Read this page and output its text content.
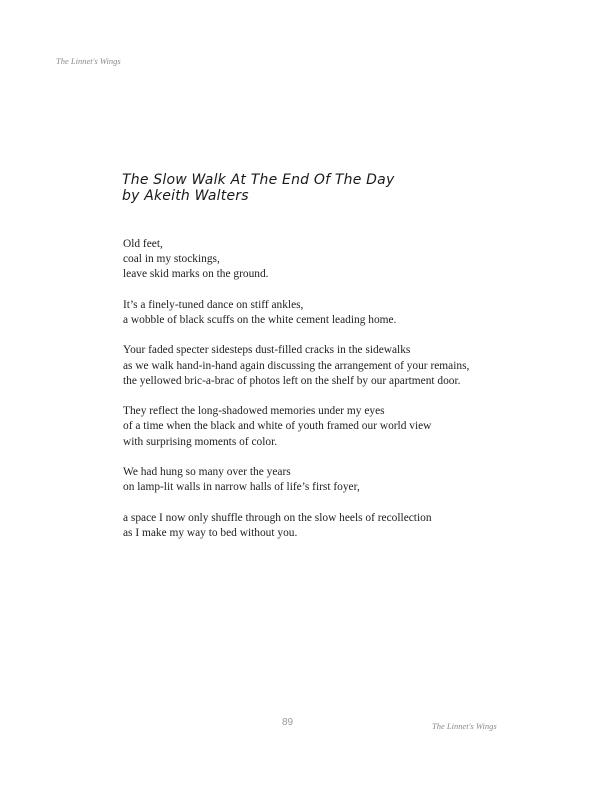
The Linnet's Wings
The Slow Walk At The End Of The Day
by Akeith Walters
Old feet,
coal in my stockings,
leave skid marks on the ground.
It’s a finely-tuned dance on stiff ankles,
a wobble of black scuffs on the white cement leading home.
Your faded specter sidesteps dust-filled cracks in the sidewalks
as we walk hand-in-hand again discussing the arrangement of your remains,
the yellowed bric-a-brac of photos left on the shelf by our apartment door.
They reflect the long-shadowed memories under my eyes
of a time when the black and white of youth framed our world view
with surprising moments of color.
We had hung so many over the years
on lamp-lit walls in narrow halls of life’s first foyer,
a space I now only shuffle through on the slow heels of recollection
as I make my way to bed without you.
89	The Linnet's Wings
